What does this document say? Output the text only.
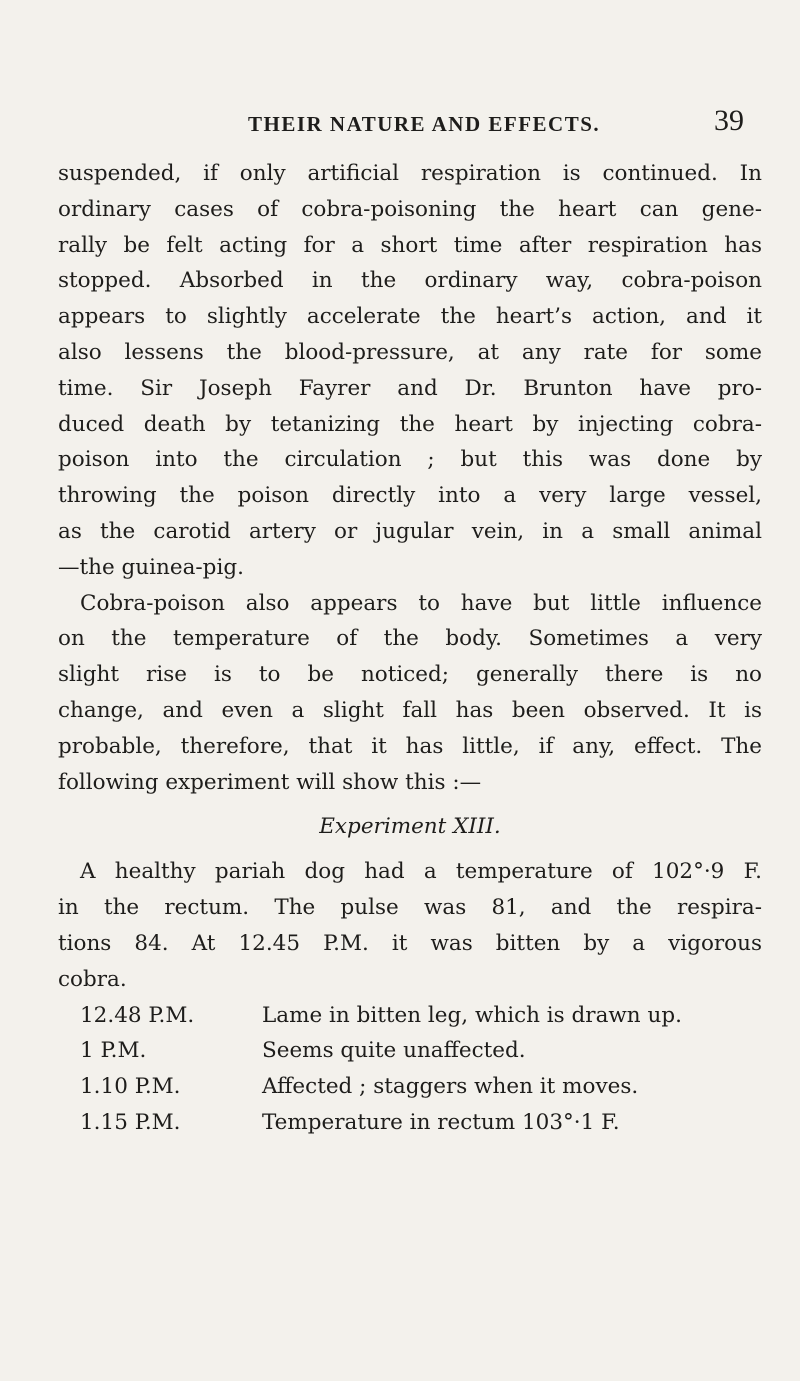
THEIR NATURE AND EFFECTS.	39
suspended, if only artificial respiration is continued. In
ordinary cases of cobra-poisoning the heart can gene-
rally be felt acting for a short time after respiration has
stopped. Absorbed in the ordinary way, cobra-poison
appears to slightly accelerate the heart’s action, and it
also lessens the blood-pressure, at any rate for some
time. Sir Joseph Fayrer and Dr. Brunton have pro-
duced death by tetanizing the heart by injecting cobra-
poison into the circulation ; but this was done by
throwing the poison directly into a very large vessel,
as the carotid artery or jugular vein, in a small animal
—the guinea-pig.
Cobra-poison also appears to have but little influence
on the temperature of the body. Sometimes a very
slight rise is to be noticed; generally there is no
change, and even a slight fall has been observed. It is
probable, therefore, that it has little, if any, effect. The
following experiment will show this :—
Experiment XIII.
A healthy pariah dog had a temperature of 102°·9 F.
in the rectum. The pulse was 81, and the respira-
tions 84. At 12.45 P.M. it was bitten by a vigorous
cobra.
12.48 P.M.	Lame in bitten leg, which is drawn up.
1 P.M.	Seems quite unaffected.
1.10 P.M.	Affected ; staggers when it moves.
1.15 P.M.	Temperature in rectum 103°·1 F.
